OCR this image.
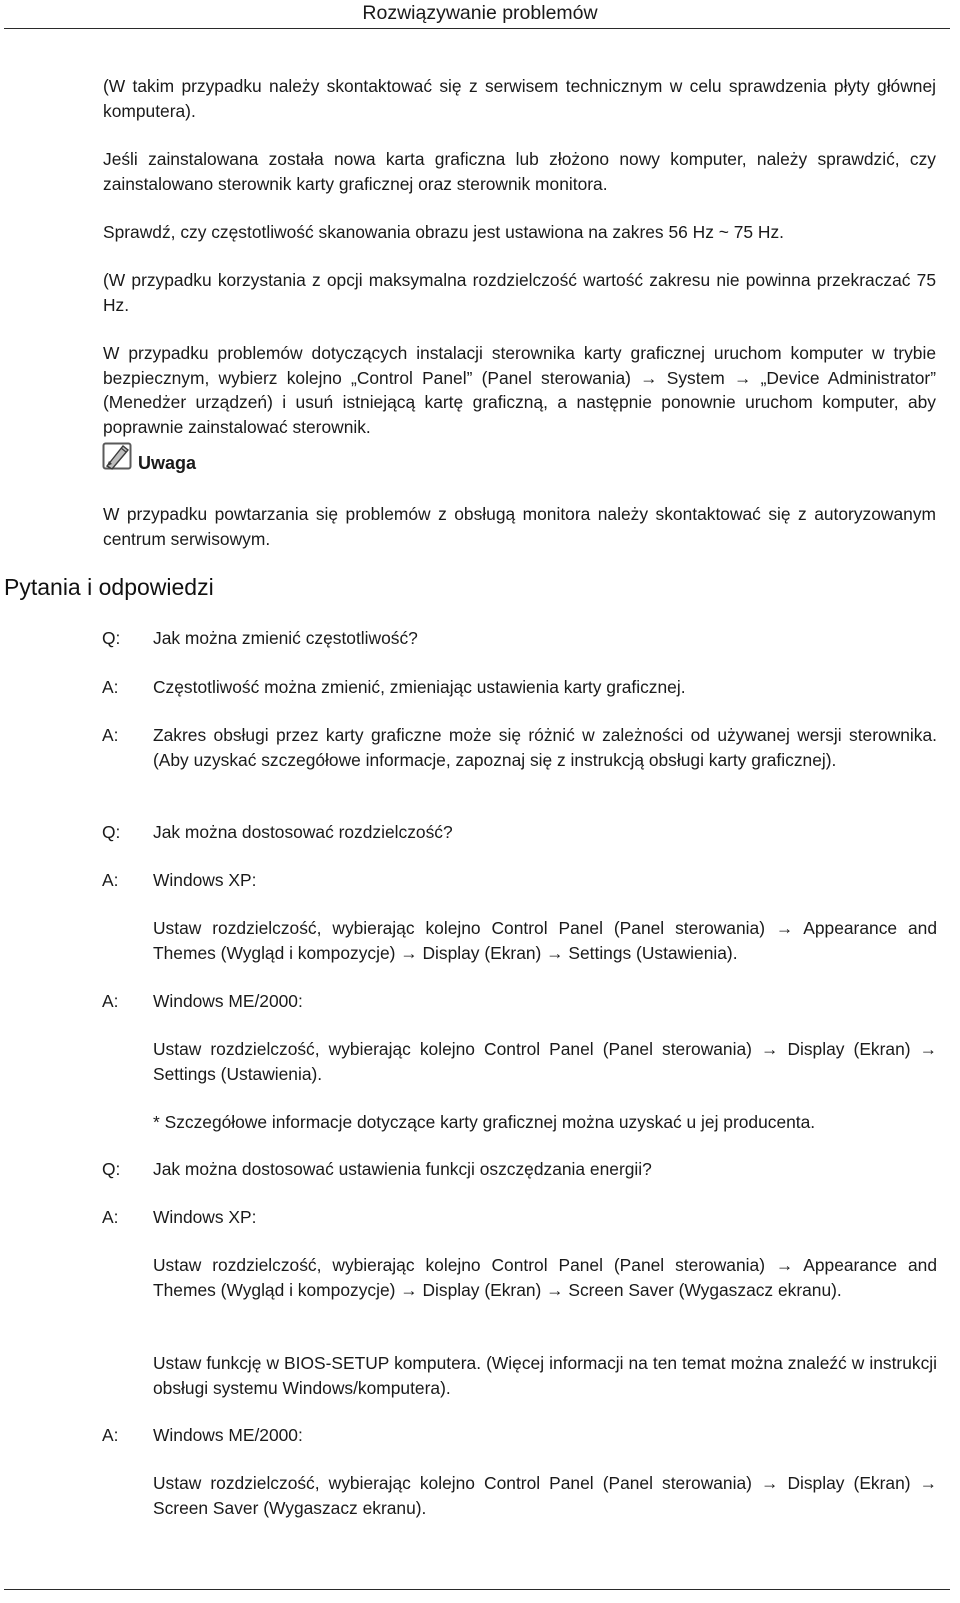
Rozwiązywanie problemów

(W takim przypadku należy skontaktować się z serwisem technicznym w celu sprawdzenia płyty głównej komputera).

Jeśli zainstalowana została nowa karta graficzna lub złożono nowy komputer, należy sprawdzić, czy zainstalowano sterownik karty graficznej oraz sterownik monitora.

Sprawdź, czy częstotliwość skanowania obrazu jest ustawiona na zakres 56 Hz ~ 75 Hz.

(W przypadku korzystania z opcji maksymalna rozdzielczość wartość zakresu nie powinna przekraczać 75 Hz.

W przypadku problemów dotyczących instalacji sterownika karty graficznej uruchom komputer w trybie bezpiecznym, wybierz kolejno „Control Panel” (Panel sterowania) → System → „Device Administrator” (Menedżer urządzeń) i usuń istniejącą kartę graficzną, a następnie ponownie uruchom komputer, aby poprawnie zainstalować sterownik.

Uwaga

W przypadku powtarzania się problemów z obsługą monitora należy skontaktować się z autoryzowanym centrum serwisowym.

Pytania i odpowiedzi
Q: Jak można zmienić częstotliwość?

A: Częstotliwość można zmienić, zmieniając ustawienia karty graficznej.

A: Zakres obsługi przez karty graficzne może się różnić w zależności od używanej wersji sterownika. (Aby uzyskać szczegółowe informacje, zapoznaj się z instrukcją obsługi karty graficznej).

Q: Jak można dostosować rozdzielczość?

A: Windows XP:

Ustaw rozdzielczość, wybierając kolejno Control Panel (Panel sterowania) → Appearance and Themes (Wygląd i kompozycje) → Display (Ekran) → Settings (Ustawienia).

A: Windows ME/2000:

Ustaw rozdzielczość, wybierając kolejno Control Panel (Panel sterowania) → Display (Ekran) → Settings (Ustawienia).

* Szczegółowe informacje dotyczące karty graficznej można uzyskać u jej producenta.

Q: Jak można dostosować ustawienia funkcji oszczędzania energii?

A: Windows XP:

Ustaw rozdzielczość, wybierając kolejno Control Panel (Panel sterowania) → Appearance and Themes (Wygląd i kompozycje) → Display (Ekran) → Screen Saver (Wygaszacz ekranu).

Ustaw funkcję w BIOS-SETUP komputera. (Więcej informacji na ten temat można znaleźć w instrukcji obsługi systemu Windows/komputera).

A: Windows ME/2000:

Ustaw rozdzielczość, wybierając kolejno Control Panel (Panel sterowania) → Display (Ekran) → Screen Saver (Wygaszacz ekranu).
